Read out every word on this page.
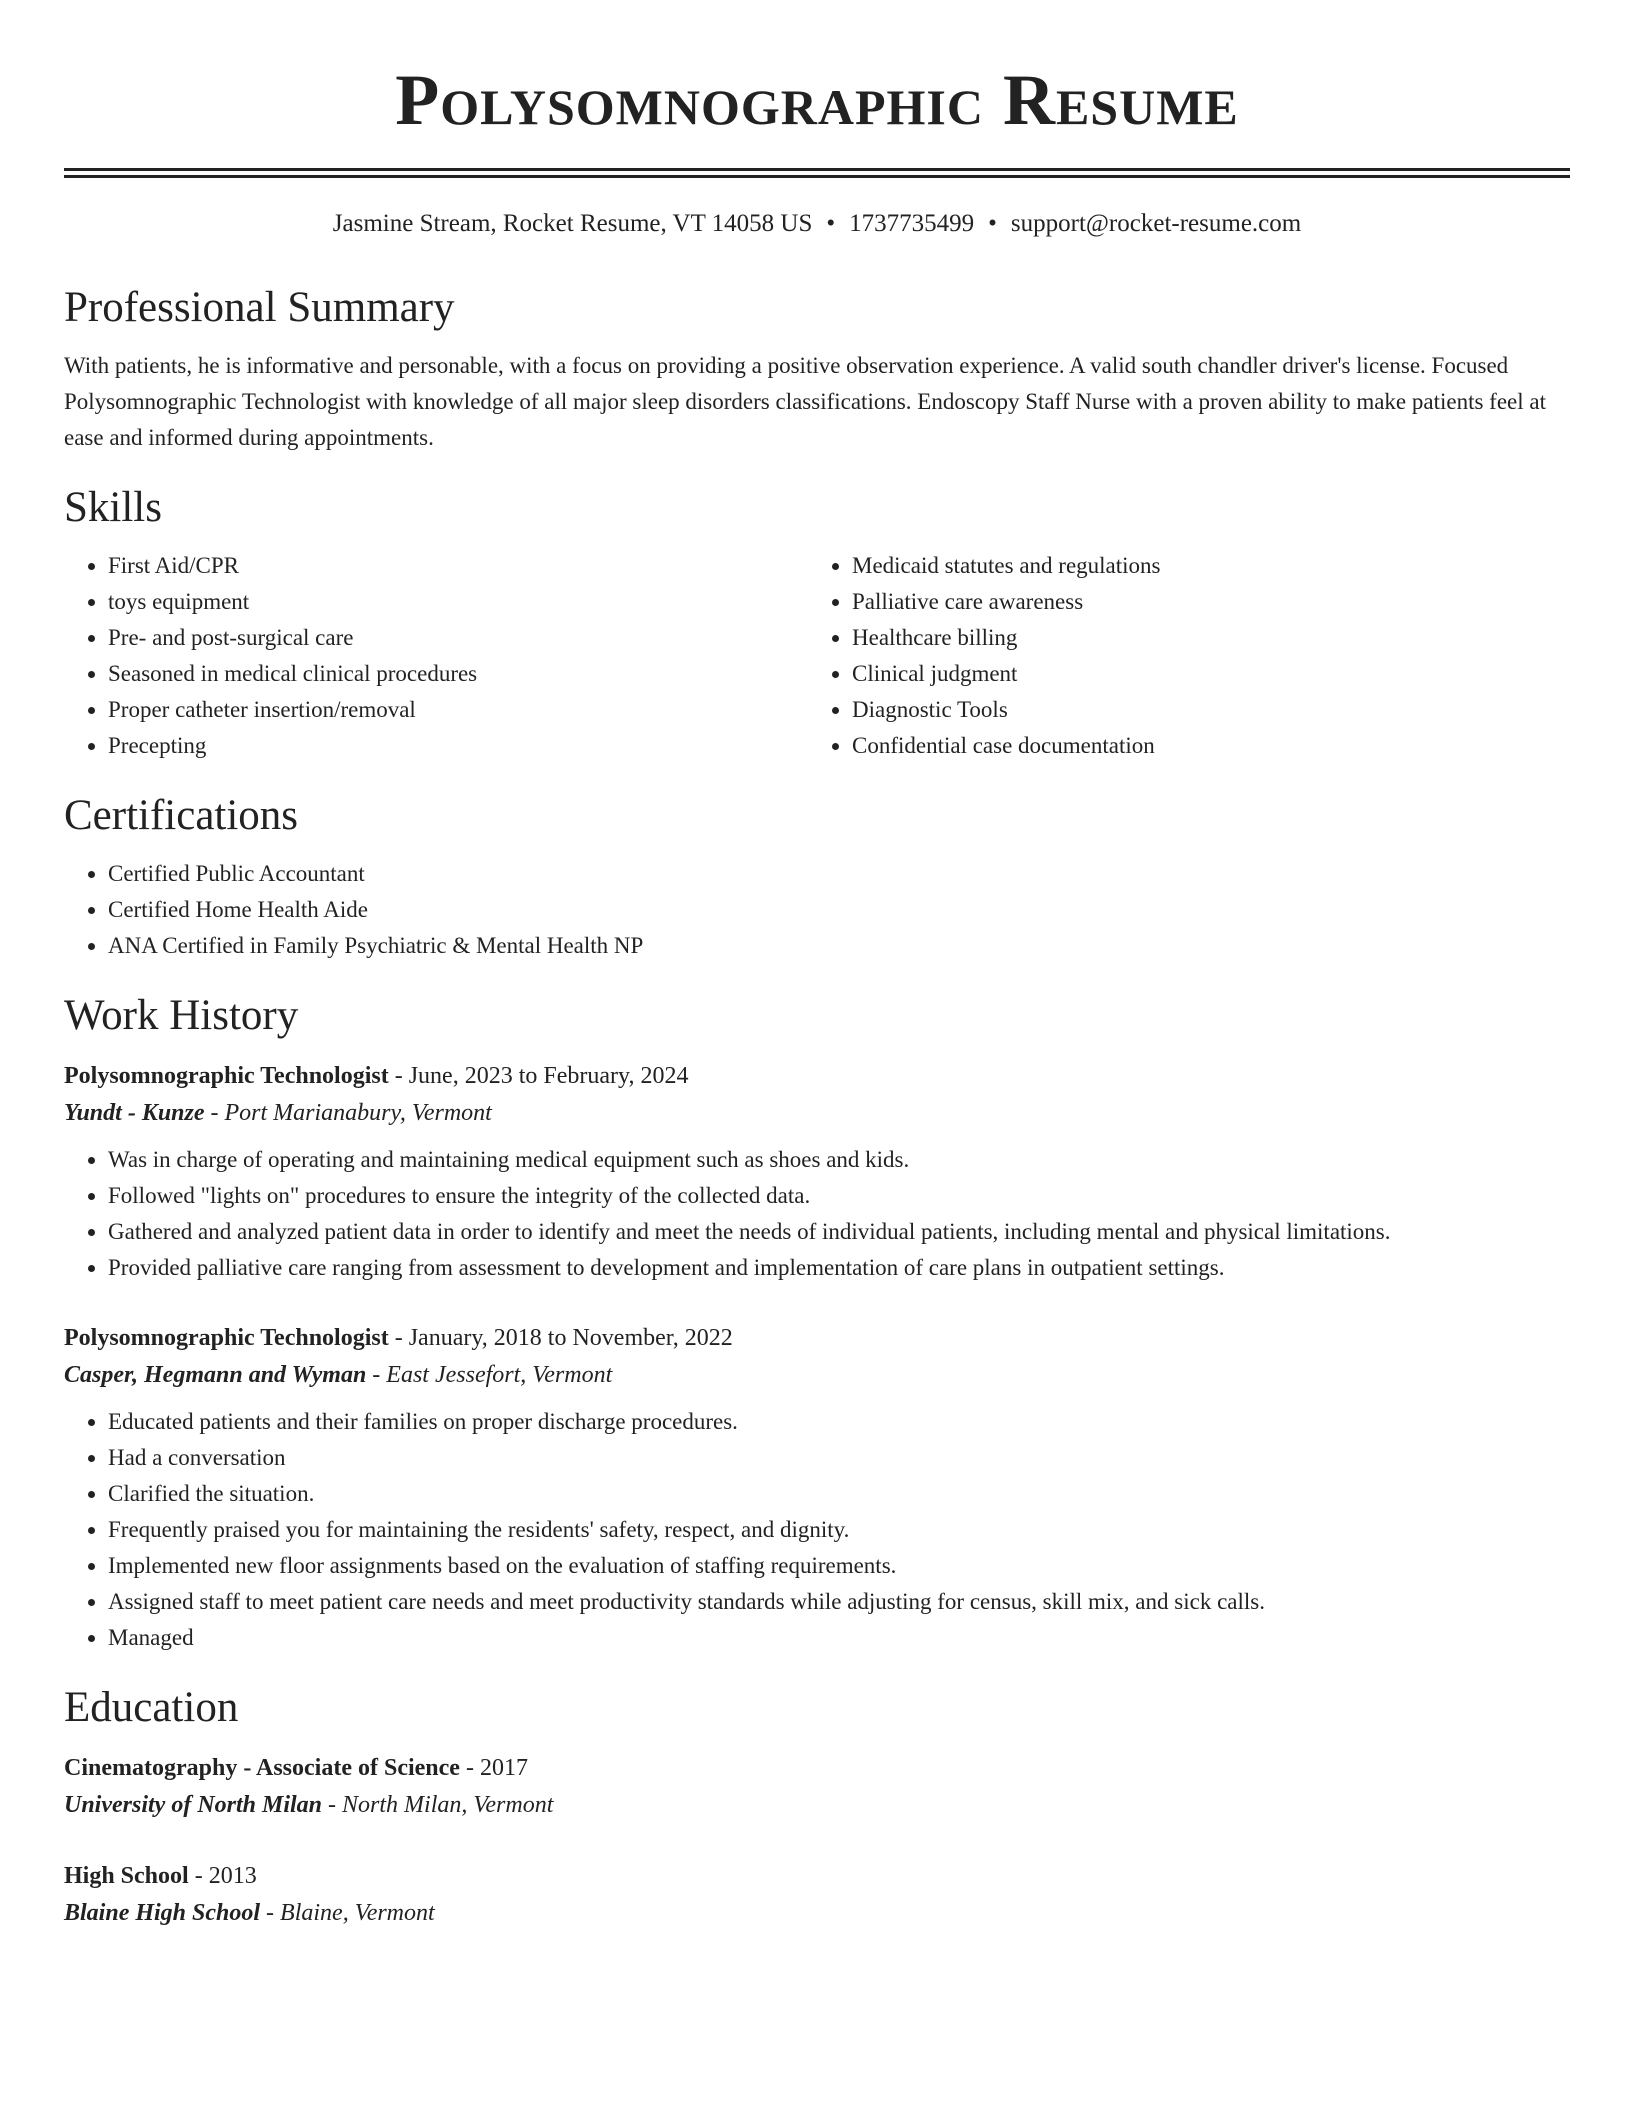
Polysomnographic Resume
Jasmine Stream, Rocket Resume, VT 14058 US • 1737735499 • support@rocket-resume.com
Professional Summary
With patients, he is informative and personable, with a focus on providing a positive observation experience. A valid south chandler driver's license. Focused Polysomnographic Technologist with knowledge of all major sleep disorders classifications. Endoscopy Staff Nurse with a proven ability to make patients feel at ease and informed during appointments.
Skills
• First Aid/CPR
• toys equipment
• Pre- and post-surgical care
• Seasoned in medical clinical procedures
• Proper catheter insertion/removal
• Precepting
• Medicaid statutes and regulations
• Palliative care awareness
• Healthcare billing
• Clinical judgment
• Diagnostic Tools
• Confidential case documentation
Certifications
• Certified Public Accountant
• Certified Home Health Aide
• ANA Certified in Family Psychiatric & Mental Health NP
Work History
Polysomnographic Technologist - June, 2023 to February, 2024
Yundt - Kunze - Port Marianabury, Vermont
• Was in charge of operating and maintaining medical equipment such as shoes and kids.
• Followed "lights on" procedures to ensure the integrity of the collected data.
• Gathered and analyzed patient data in order to identify and meet the needs of individual patients, including mental and physical limitations.
• Provided palliative care ranging from assessment to development and implementation of care plans in outpatient settings.
Polysomnographic Technologist - January, 2018 to November, 2022
Casper, Hegmann and Wyman - East Jessefort, Vermont
• Educated patients and their families on proper discharge procedures.
• Had a conversation
• Clarified the situation.
• Frequently praised you for maintaining the residents' safety, respect, and dignity.
• Implemented new floor assignments based on the evaluation of staffing requirements.
• Assigned staff to meet patient care needs and meet productivity standards while adjusting for census, skill mix, and sick calls.
• Managed
Education
Cinematography - Associate of Science - 2017
University of North Milan - North Milan, Vermont
High School - 2013
Blaine High School - Blaine, Vermont
